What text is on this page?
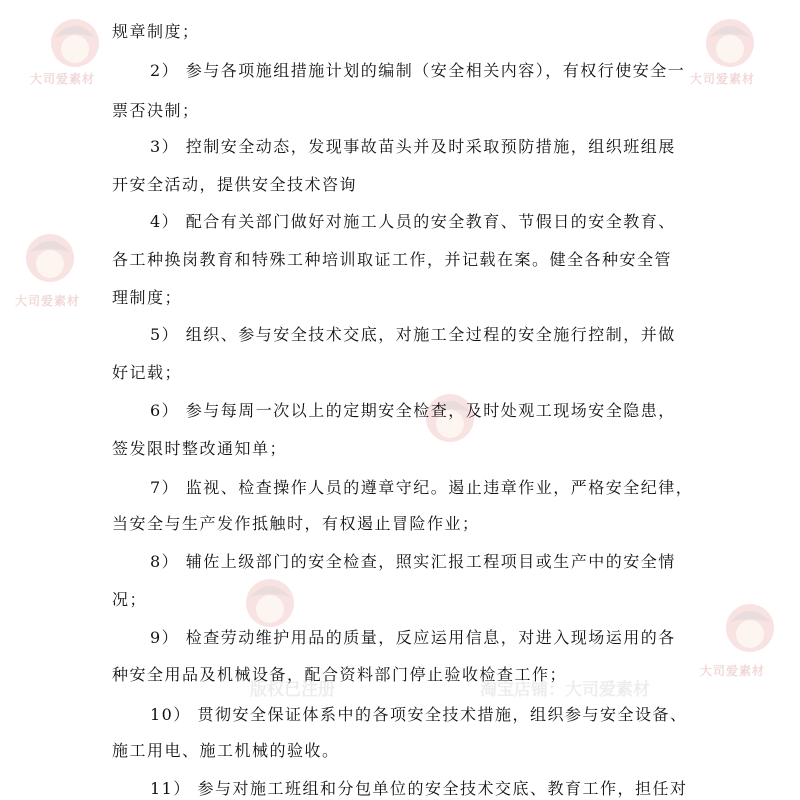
大司爱素材	大司爱素材
大司爱素材
大司爱素材
版权已注册	淘宝店铺：大司爱素材
规章制度；
2） 参与各项施组措施计划的编制（安全相关内容），有权行使安全一
票否决制；
3） 控制安全动态，发现事故苗头并及时采取预防措施，组织班组展
开安全活动，提供安全技术咨询
4） 配合有关部门做好对施工人员的安全教育、节假日的安全教育、
各工种换岗教育和特殊工种培训取证工作，并记载在案。健全各种安全管
理制度；
5） 组织、参与安全技术交底，对施工全过程的安全施行控制，并做
好记载；
6） 参与每周一次以上的定期安全检查，及时处观工现场安全隐患，
签发限时整改通知单；
7） 监视、检查操作人员的遵章守纪。遏止违章作业，严格安全纪律，
当安全与生产发作抵触时，有权遏止冒险作业；
8） 辅佐上级部门的安全检查，照实汇报工程项目或生产中的安全情
况；
9） 检查劳动维护用品的质量，反应运用信息，对进入现场运用的各
种安全用品及机械设备，配合资料部门停止验收检查工作；
10） 贯彻安全保证体系中的各项安全技术措施，组织参与安全设备、
施工用电、施工机械的验收。
11） 参与对施工班组和分包单位的安全技术交底、教育工作，担任对
